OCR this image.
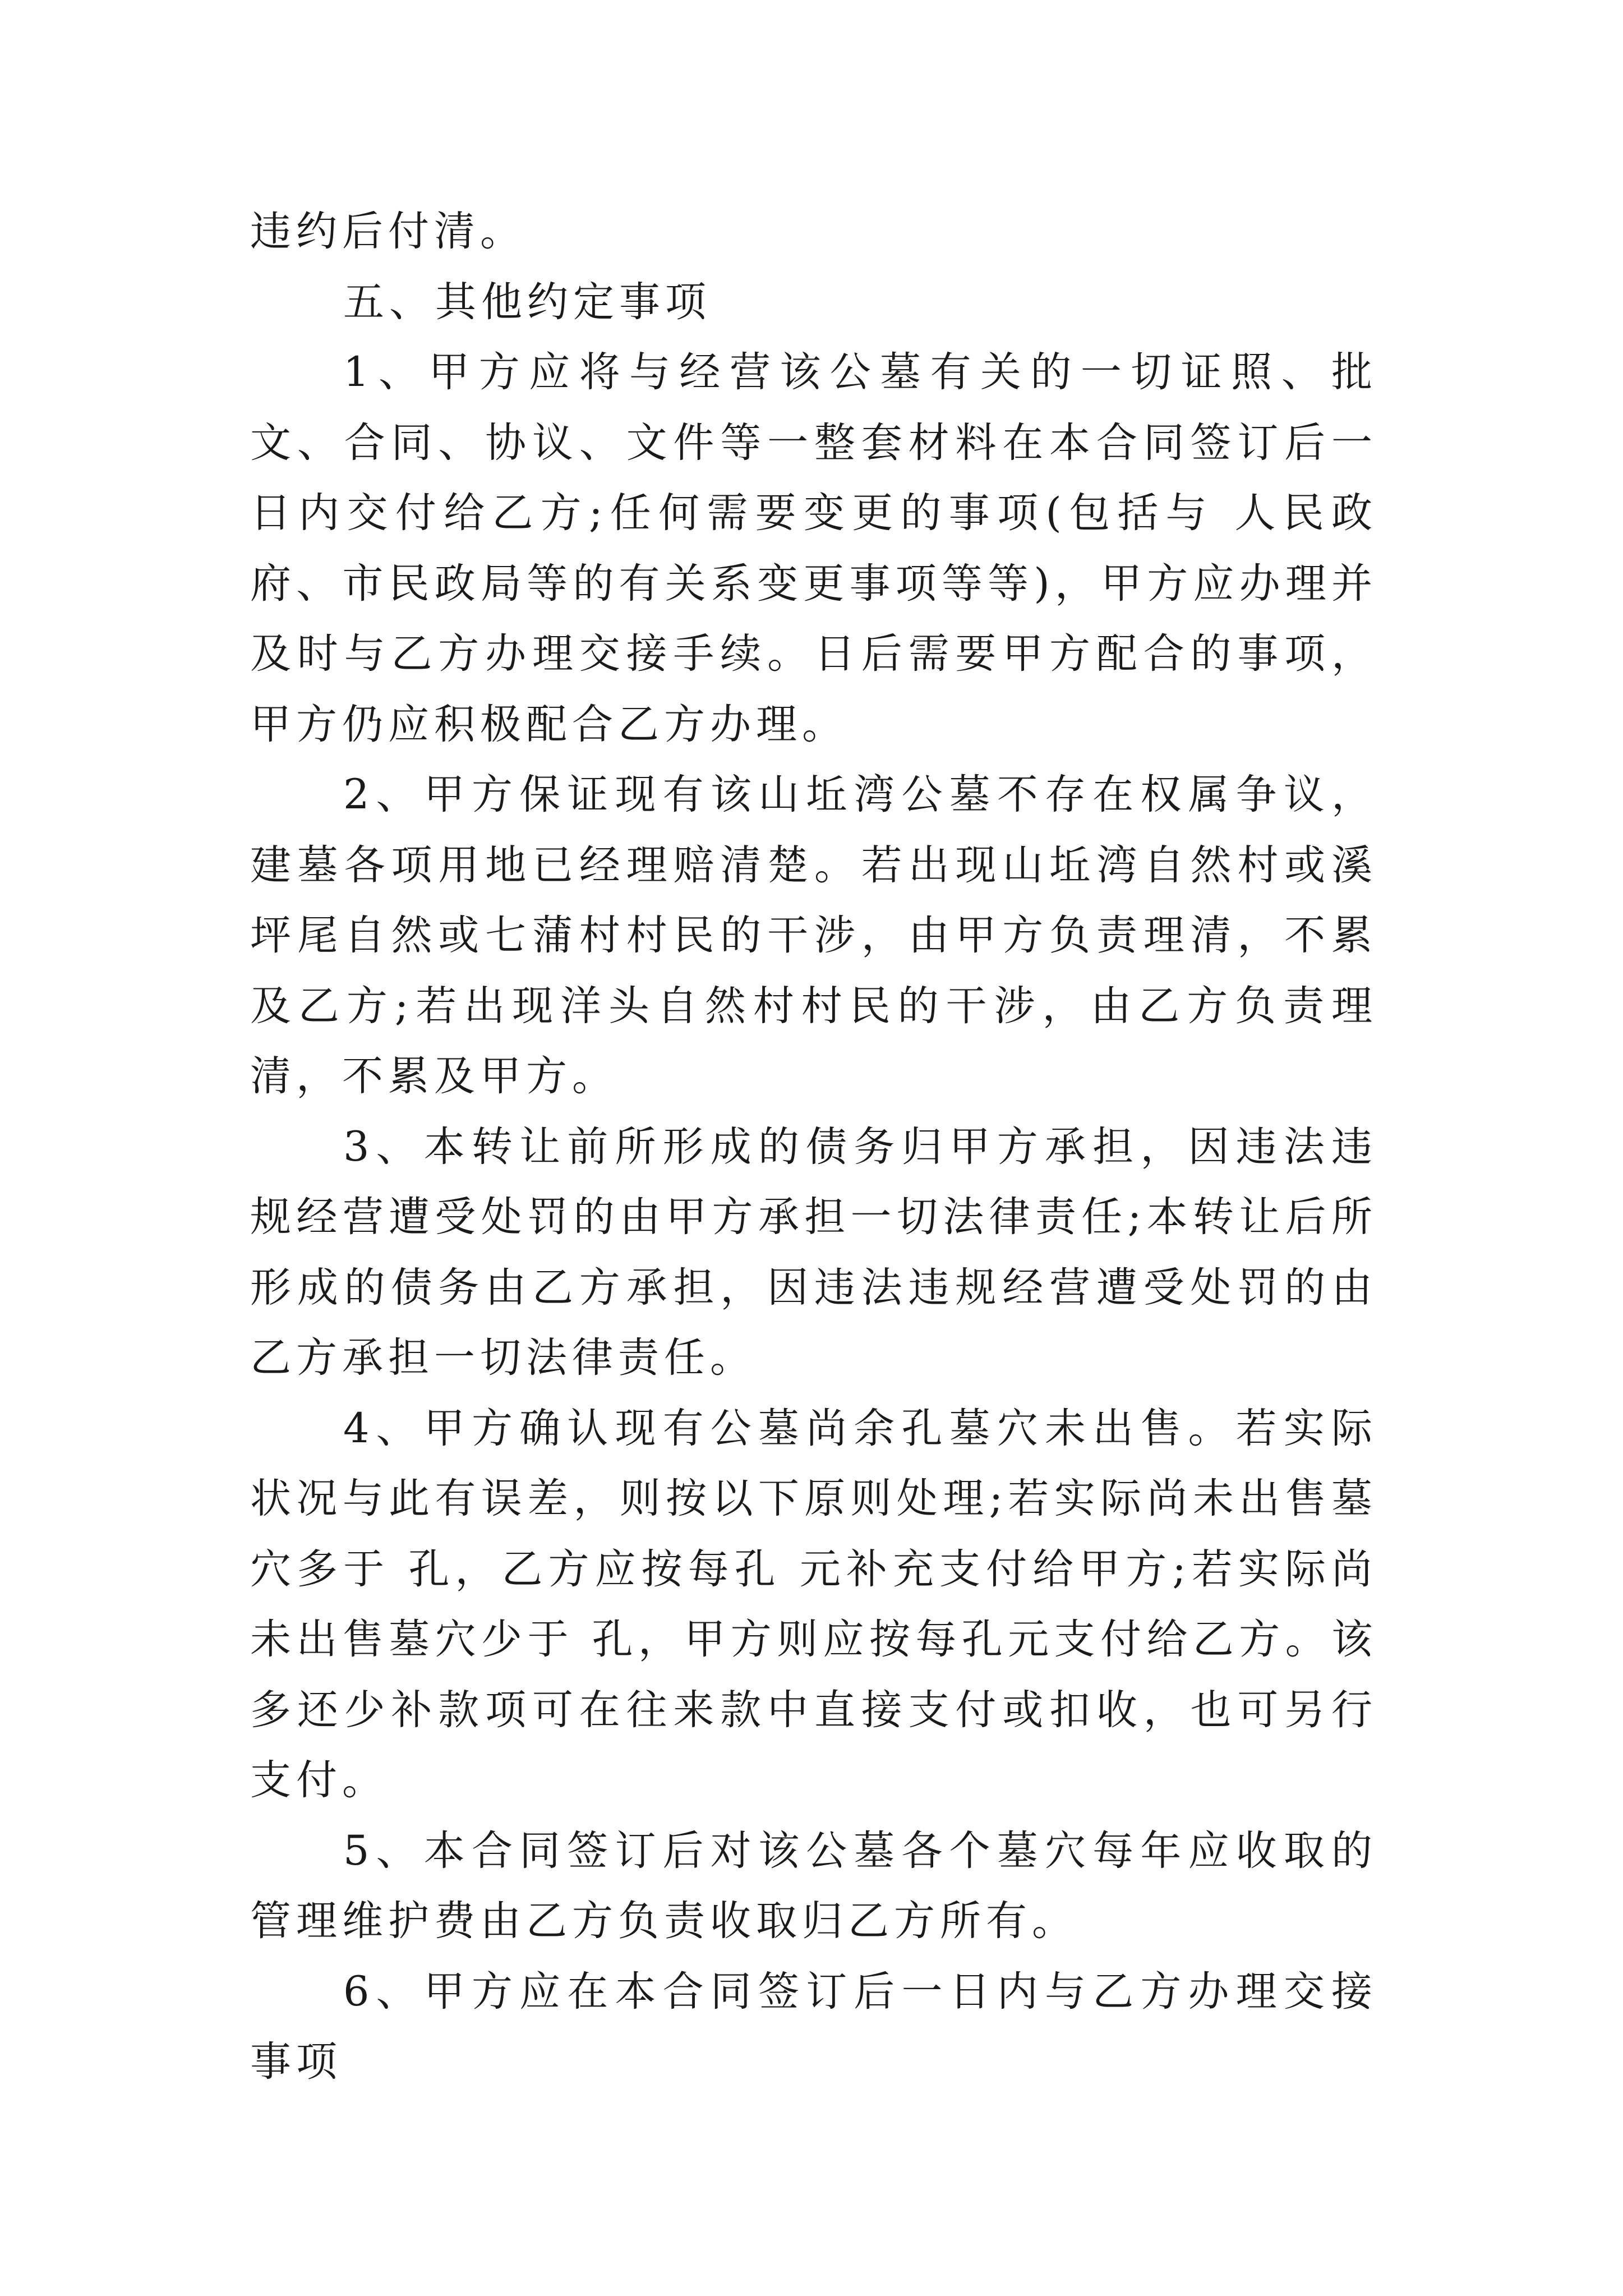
违约后付清。

五、其他约定事项

1、甲方应将与经营该公墓有关的一切证照、批文、合同、协议、文件等一整套材料在本合同签订后一日内交付给乙方;任何需要变更的事项(包括与 人民政府、市民政局等的有关系变更事项等等)，甲方应办理并及时与乙方办理交接手续。日后需要甲方配合的事项，甲方仍应积极配合乙方办理。

2、甲方保证现有该山坵湾公墓不存在权属争议，建墓各项用地已经理赔清楚。若出现山坵湾自然村或溪坪尾自然或七蒲村村民的干涉，由甲方负责理清，不累及乙方;若出现洋头自然村村民的干涉，由乙方负责理清，不累及甲方。

3、本转让前所形成的债务归甲方承担，因违法违规经营遭受处罚的由甲方承担一切法律责任;本转让后所形成的债务由乙方承担，因违法违规经营遭受处罚的由乙方承担一切法律责任。

4、甲方确认现有公墓尚余孔墓穴未出售。若实际状况与此有误差，则按以下原则处理;若实际尚未出售墓穴多于 孔，乙方应按每孔 元补充支付给甲方;若实际尚未出售墓穴少于 孔，甲方则应按每孔元支付给乙方。该多还少补款项可在往来款中直接支付或扣收，也可另行支付。

5、本合同签订后对该公墓各个墓穴每年应收取的管理维护费由乙方负责收取归乙方所有。

6、甲方应在本合同签订后一日内与乙方办理交接事项
